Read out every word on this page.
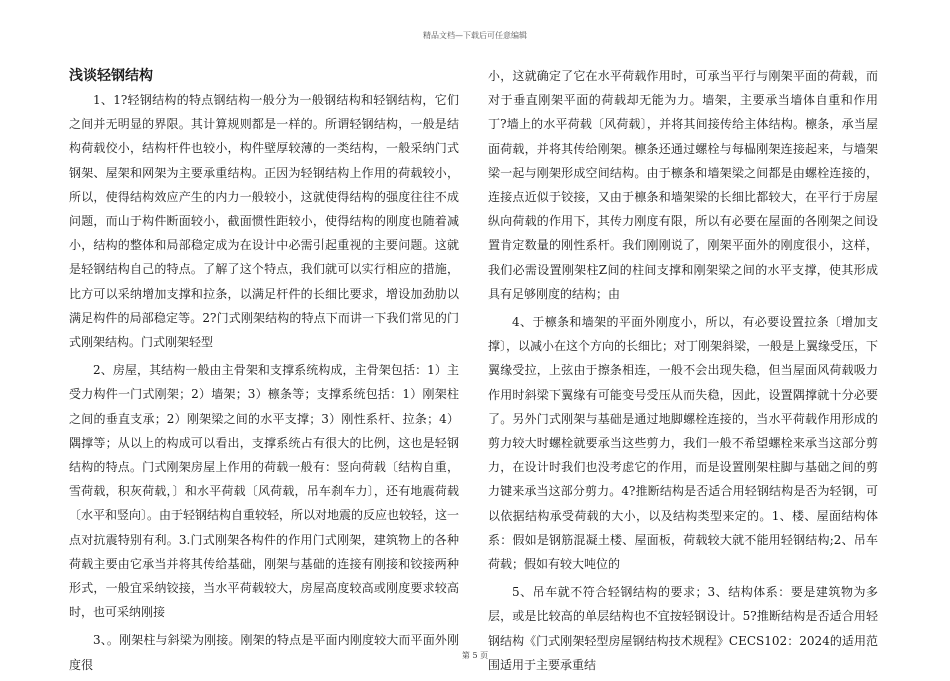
精品文档—下载后可任意编辑
浅谈轻钢结构

1、1?轻钢结构的特点钢结构一般分为一般钢结构和轻钢结构，它们之间并无明显的界限。其计算规则都是一样的。所谓轻钢结构，一般是结构荷载佼小，结构杆件也较小，构件壁厚较薄的一类结构，一般采纳门式钢架、屋架和网架为主要承重结构。正因为轻钢结构上作用的荷载较小，所以，使得结构效应产生的内力一般较小，这就使得结构的强度往往不成问题，而山于构件断面较小，截面惯性距较小，使得结构的刚度也随着减小，结构的整体和局部稳定成为在设计中必需引起重视的主要问题。这就是轻钢结构自己的特点。了解了这个特点，我们就可以实行相应的措施，比方可以采纳增加支撑和拉条，以满足杆件的长细比要求，增设加劲肋以满足构件的局部稳定等。2?门式刚架结构的特点下而讲一下我们常见的门式刚架结构。门式刚架轻型

2、房屋，其结构一般由主骨架和支撑系统构成，主骨架包括：1）主受力构件一门式刚架；2）墙架；3）檩条等；支撑系统包括：1）刚架柱之间的垂直支承；2）刚架梁之间的水平支撑；3）刚性系杆、拉条；4）隅撑等；从以上的构成可以看出，支撑系统占有很大的比例，这也是轻钢结构的特点。门式刚架房屋上作用的荷载一般有：竖向荷载〔结构自重，雪荷载，积灰荷载，〕和水平荷载〔风荷载，吊车刹车力〕，还有地震荷载〔水平和竖向〕。由于轻钢结构自重较轻，所以对地震的反应也较轻，这一点对抗震特别有利。3.门式刚架各构件的作用门式刚架，建筑物上的各种荷载主要由它承当并将其传给基础，刚架与基础的连接有刚接和铰接两种形式，一般宜采纳铰接，当水平荷载较大，房屋高度较高或刚度要求较高时，也可采纳刚接

3、。刚架柱与斜梁为刚接。刚架的特点是平面内刚度较大而平面外刚度很

小，这就确定了它在水平荷载作用时，可承当平行与刚架平面的荷载，而对于垂直刚架平面的荷载却无能为力。墙架，主要承当墙体自重和作用丁?墙上的水平荷载〔风荷载〕，并将其间接传给主体结构。檩条，承当屋面荷载，并将其传给刚架。檩条还通过螺栓与每榀刚架连接起来，与墙架梁一起与刚架形成空间结构。由于檩条和墙架梁之间都是由螺栓连接的，连接点近似于铰接，又由于檩条和墙架梁的长细比都较大，在平行于房屋纵向荷载的作用下，其传力刚度有限，所以有必要在屋面的各刚架之间设置肯定数量的刚性系杆。我们刚刚说了，刚架平面外的刚度很小，这样，我们必需设置刚架柱Z间的柱间支撑和刚架梁之间的水平支撑，使其形成具有足够刚度的结构；由

4、于檩条和墙架的平面外刚度小，所以，有必要设置拉条〔增加支撑〕，以减小在这个方向的长细比；对丁刚架斜梁，一般是上翼缘受压，下翼缘受拉，上弦由于擦条相连，一般不会出现失稳，但当屋面风荷载吸力作用时斜梁下翼缘有可能变号受压从而失稳，因此，设置隅撑就十分必要了。另外门式刚架与基础是通过地脚螺栓连接的，当水平荷载作用形成的剪力较大时螺栓就要承当这些剪力，我们一般不希望螺栓来承当这部分剪力，在设计时我们也没考虑它的作用，而是设置刚架柱脚与基础之间的剪力键来承当这部分剪力。4?推断结构是否适合用轻钢结构是否为轻钢，可以依据结构承受荷载的大小，以及结构类型来定的。1、楼、屋面结构体系：假如是钢筋混凝土楼、屋面板，荷载较大就不能用轻钢结构;2、吊车荷载；假如有较大吨位的

5、吊车就不符合轻钢结构的要求；3、结构体系：要是建筑物为多层，或是比较高的单层结构也不宜按轻钢设计。5?推断结构是否适合用轻钢结构《门式刚架轻型房屋钢结构技术规程》CECS102：2024的适用范围适用于主要承重结

第 5 页
